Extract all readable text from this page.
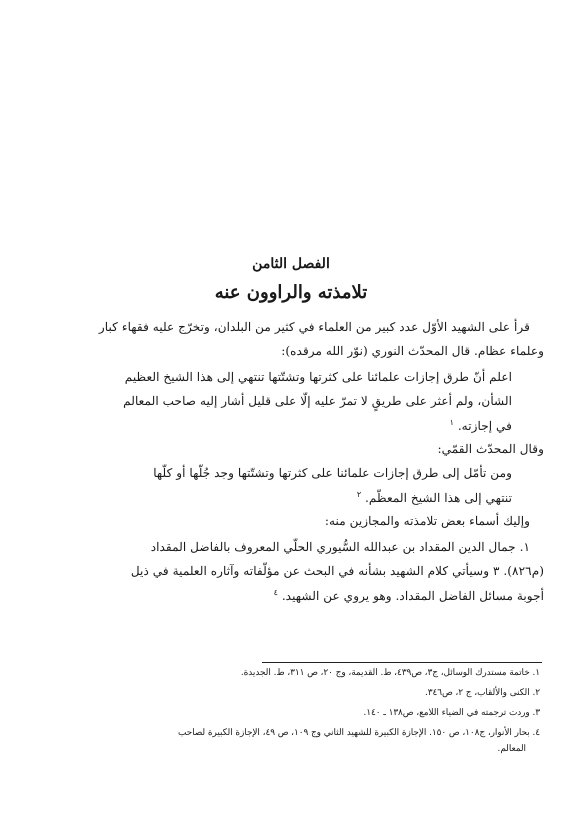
الفصل الثامن
تلامذته والراوون عنه
قرأ على الشهيد الأوّل عدد كبير من العلماء في كثير من البلدان، وتخرّج عليه فقهاء كبار
وعلماء عظام. قال المحدّث النوري (نوّر الله مرقده):
اعلم أنّ طرق إجازات علمائنا على كثرتها وتشتّتها تنتهي إلى هذا الشيخ العظيم
الشأن، ولم أعثر على طريقٍ لا تمرّ عليه إلّا على قليل أشار إليه صاحب المعالم
في إجازته. $^١$
وقال المحدّث القمّي:
ومن تأمّل إلى طرق إجازات علمائنا على كثرتها وتشتّتها وجد جُلّها أو كلّها
تنتهي إلى هذا الشيخ المعظّم. $^٢$
وإليك أسماء بعض تلامذته والمجازين منه:
١. جمال الدين المقداد بن عبدالله السُّيوري الحلّي المعروف بالفاضل المقداد
(م٨٢٦). ٣ وسيأتي كلام الشهيد بشأنه في البحث عن مؤلّفاته وآثاره العلمية في ذيل
أجوبة مسائل الفاضل المقداد. وهو يروي عن الشهيد. $^٤$
١. خاتمة مستدرك الوسائل، ج٣، ص٤٣٩، ط. القديمة، وج ٢٠، ص ٣١١، ط. الجديدة.
٢. الكنى والألقاب، ج ٢، ص٣٤٦.
٣. وردت ترجمته في الضياء اللامع، ص١٣٨ ـ ١٤٠.
٤. بحار الأنوار، ج١٠٨، ص ١٥٠. الإجازة الكبيرة للشهيد الثاني وج ١٠٩، ص ٤٩، الإجازة الكبيرة لصاحب
المعالم.
